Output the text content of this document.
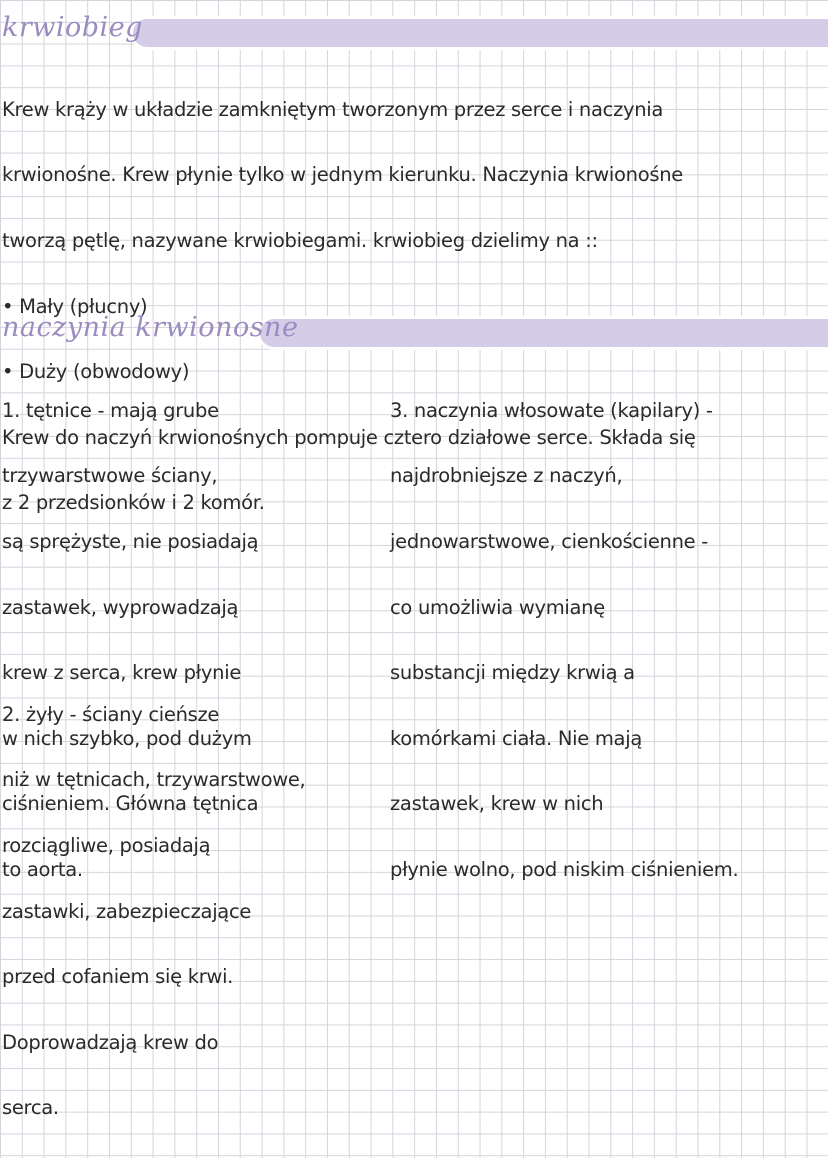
krwiobieg

Krew krąży w układzie zamkniętym tworzonym przez serce i naczynia

krwionośne. Krew płynie tylko w jednym kierunku. Naczynia krwionośne

tworzą pętlę, nazywane krwiobiegami. krwiobieg dzielimy na ::

• Mały (płucny)

• Duży (obwodowy)

Krew do naczyń krwionośnych pompuje cztero działowe serce. Składa się

z 2 przedsionków i 2 komór.

naczynia krwionosne

1. tętnice - mają grube

trzywarstwowe ściany,

są sprężyste, nie posiadają

zastawek, wyprowadzają

krew z serca, krew płynie

w nich szybko, pod dużym

ciśnieniem. Główna tętnica

to aorta.

3. naczynia włosowate (kapilary) -

najdrobniejsze z naczyń,

jednowarstwowe, cienkościenne -

co umożliwia wymianę

substancji między krwią a

komórkami ciała. Nie mają

zastawek, krew w nich

płynie wolno, pod niskim ciśnieniem.

2. żyły - ściany cieńsze

niż w tętnicach, trzywarstwowe,

rozciągliwe, posiadają

zastawki, zabezpieczające

przed cofaniem się krwi.

Doprowadzają krew do

serca.
